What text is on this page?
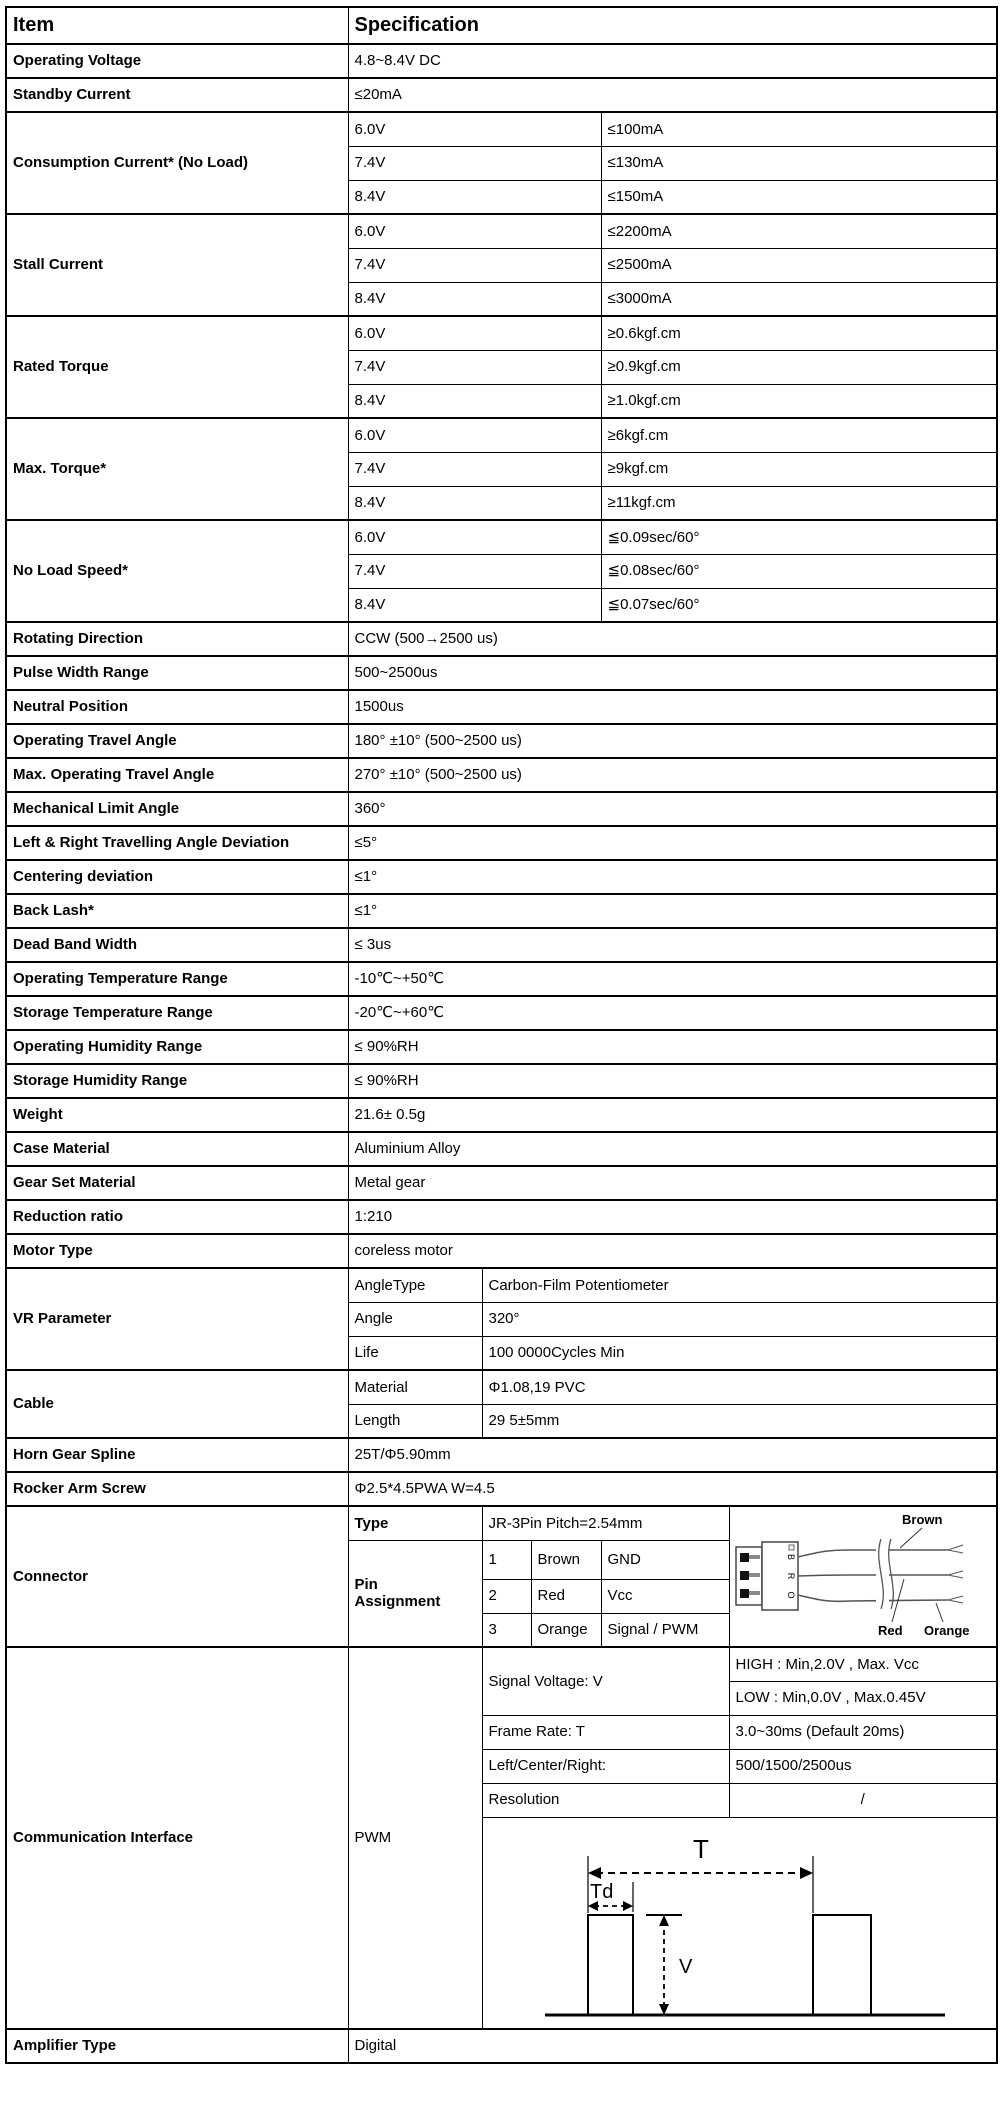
Item	Specification				
Operating Voltage	4.8~8.4V DC				
Standby Current	≤20mA				
Consumption Current* (No Load)	6.0V			≤100mA	
	7.4V			≤130mA	
	8.4V			≤150mA	
Stall Current	6.0V			≤2200mA	
	7.4V			≤2500mA	
	8.4V			≤3000mA	
Rated Torque	6.0V			≥0.6kgf.cm	
	7.4V			≥0.9kgf.cm	
	8.4V			≥1.0kgf.cm	
Max. Torque*	6.0V			≥6kgf.cm	
	7.4V			≥9kgf.cm	
	8.4V			≥11kgf.cm	
No Load Speed*	6.0V			≦0.09sec/60°	
	7.4V			≦0.08sec/60°	
	8.4V			≦0.07sec/60°	
Rotating Direction	CCW (500→2500 us)				
Pulse Width Range	500~2500us				
Neutral Position	1500us				
Operating Travel Angle	180° ±10° (500~2500 us)				
Max. Operating Travel Angle	270° ±10° (500~2500 us)				
Mechanical Limit Angle	360°				
Left & Right Travelling Angle Deviation	≤5°				
Centering deviation	≤1°				
Back Lash*	≤1°				
Dead Band Width	≤ 3us				
Operating Temperature Range	-10℃~+50℃				
Storage Temperature Range	-20℃~+60℃				
Operating Humidity Range	≤ 90%RH				
Storage Humidity Range	≤ 90%RH				
Weight	21.6± 0.5g				
Case Material	Aluminium Alloy				
Gear Set Material	Metal gear				
Reduction ratio	1:210				
Motor Type	coreless motor				
VR Parameter	AngleType	Carbon-Film Potentiometer			
	Angle	320°			
	Life	100 0000Cycles Min			
Cable	Material	Φ1.08,19 PVC			
	Length	29 5±5mm			
Horn Gear Spline	25T/Φ5.90mm				
Rocker Arm Screw	Φ2.5*4.5PWA W=4.5				
Connector	Type	JR-3Pin Pitch=2.54mm	
B
R
O
Brown
Red Orange

	Pin Assignment	1	Brown	GND	
		2	Red	Vcc	
		3	Orange	Signal / PWM	
Communication Interface	PWM	Signal Voltage: V			HIGH : Min,2.0V , Max. Vcc
					LOW : Min,0.0V , Max.0.45V
		Frame Rate: T			3.0~30ms (Default 20ms)
		Left/Center/Right:			500/1500/2500us
		Resolution			/

T
Td
V			

Amplifier Type	Digital				
